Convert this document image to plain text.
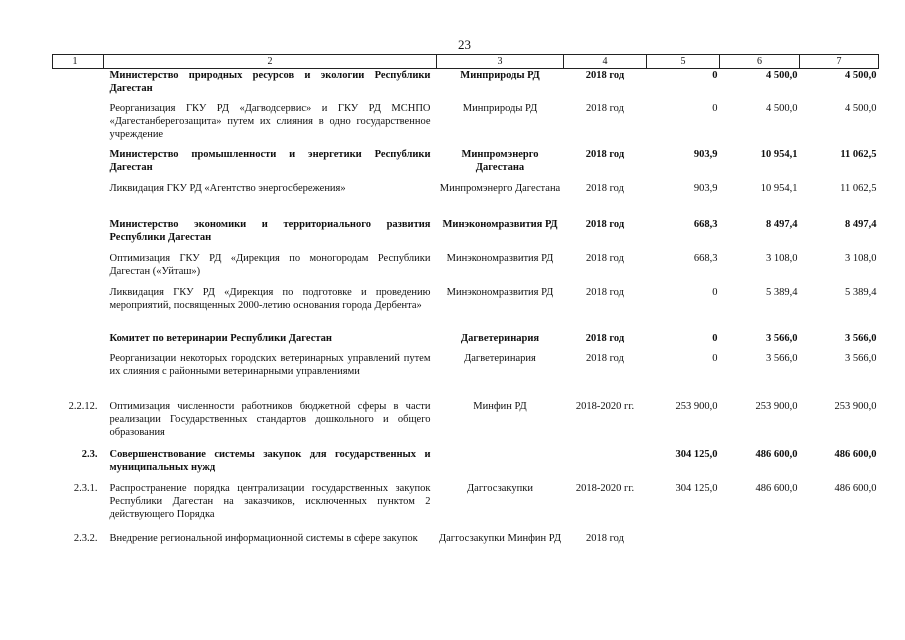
23
1	2	3	4	5	6	7
	Министерство природных ресурсов и экологии Республики Дагестан	Минприроды РД	2018 год	0	4 500,0	4 500,0
	Реорганизация ГКУ РД «Дагводсервис» и ГКУ РД МСНПО «Дагестанберегозащита» путем их слияния в одно государственное учреждение	Минприроды РД	2018 год	0	4 500,0	4 500,0
	Министерство промышленности и энергетики Республики Дагестан	Минпромэнерго Дагестана	2018 год	903,9	10 954,1	11 062,5
	Ликвидация ГКУ РД «Агентство энергосбережения»	Минпромэнерго Дагестана	2018 год	903,9	10 954,1	11 062,5
	Министерство экономики и территориального развития Республики Дагестан	Минэкономразвития РД	2018 год	668,3	8 497,4	8 497,4
	Оптимизация ГКУ РД «Дирекция по моногородам Республики Дагестан («Уйташ»)	Минэкономразвития РД	2018 год	668,3	3 108,0	3 108,0
	Ликвидация ГКУ РД «Дирекция по подготовке и проведению мероприятий, посвященных 2000-летию основания города Дербента»	Минэкономразвития РД	2018 год	0	5 389,4	5 389,4
	Комитет по ветеринарии Республики Дагестан	Дагветеринария	2018 год	0	3 566,0	3 566,0
	Реорганизации некоторых городских ветеринарных управлений путем их слияния с районными ветеринарными управлениями	Дагветеринария	2018 год	0	3 566,0	3 566,0
2.2.12.	Оптимизация численности работников бюджетной сферы в части реализации Государственных стандартов дошкольного и общего образования	Минфин РД	2018-2020 гг.	253 900,0	253 900,0	253 900,0
2.3.	Совершенствование системы закупок для государственных и муниципальных нужд			304 125,0	486 600,0	486 600,0
2.3.1.	Распространение порядка централизации государственных закупок Республики Дагестан на заказчиков, исключенных пунктом 2 действующего Порядка	Даггосзакупки	2018-2020 гг.	304 125,0	486 600,0	486 600,0
2.3.2.	Внедрение региональной информационной системы в сфере закупок	Даггосзакупки Минфин РД	2018 год			
